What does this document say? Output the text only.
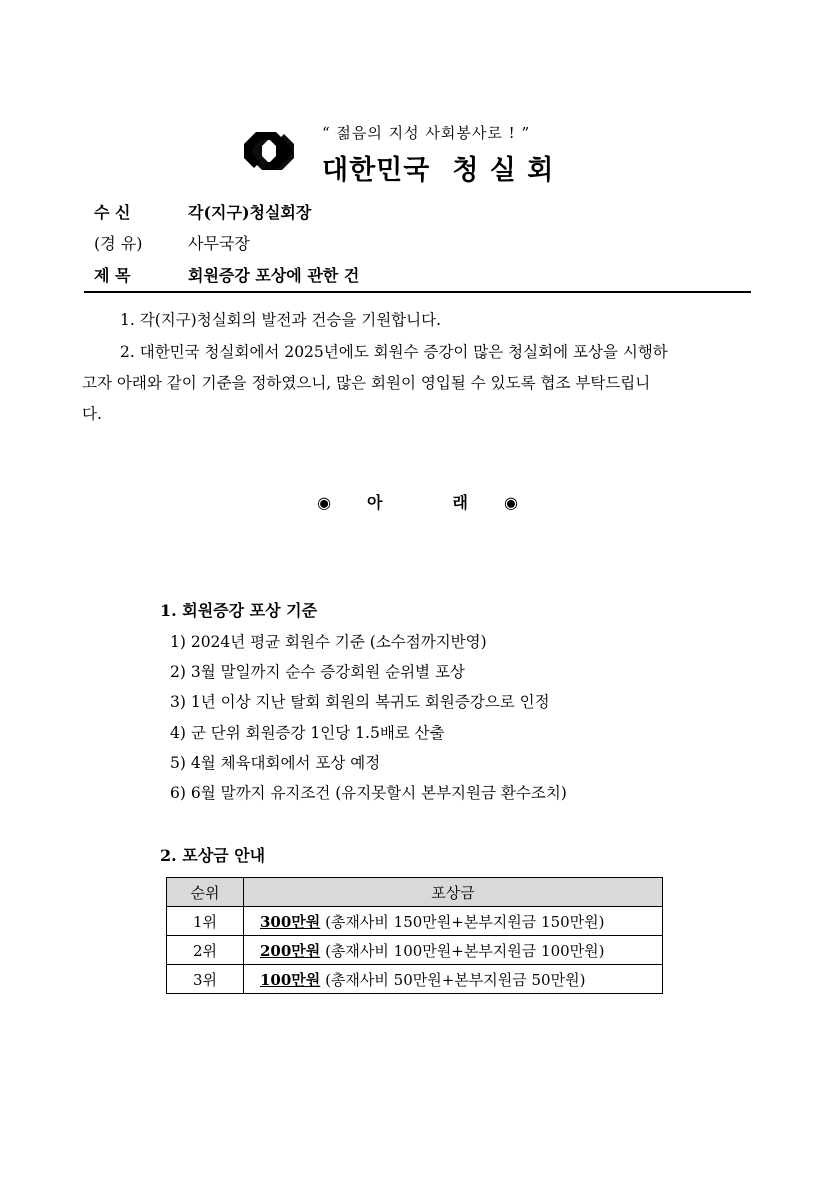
“ 젊음의 지성 사회봉사로 ! ”
대한민국 청 실 회
수 신	각(지구)청실회장
(경 유)	사무국장
제 목	회원증강 포상에 관한 건
1. 각(지구)청실회의 발전과 건승을 기원합니다.
2. 대한민국 청실회에서 2025년에도 회원수 증강이 많은 청실회에 포상을 시행하
고자 아래와 같이 기준을 정하였으니, 많은 회원이 영입될 수 있도록 협조 부탁드립니
다.
◉ 아	래 ◉
1. 회원증강 포상 기준
1) 2024년 평균 회원수 기준 (소수점까지반영)
2) 3월 말일까지 순수 증강회원 순위별 포상
3) 1년 이상 지난 탈회 회원의 복귀도 회원증강으로 인정
4) 군 단위 회원증강 1인당 1.5배로 산출
5) 4월 체육대회에서 포상 예정
6) 6월 말까지 유지조건 (유지못할시 본부지원금 환수조치)
2. 포상금 안내
순위	포상금
1위	300만원 (총재사비 150만원+본부지원금 150만원)
2위	200만원 (총재사비 100만원+본부지원금 100만원)
3위	100만원 (총재사비 50만원+본부지원금 50만원)
